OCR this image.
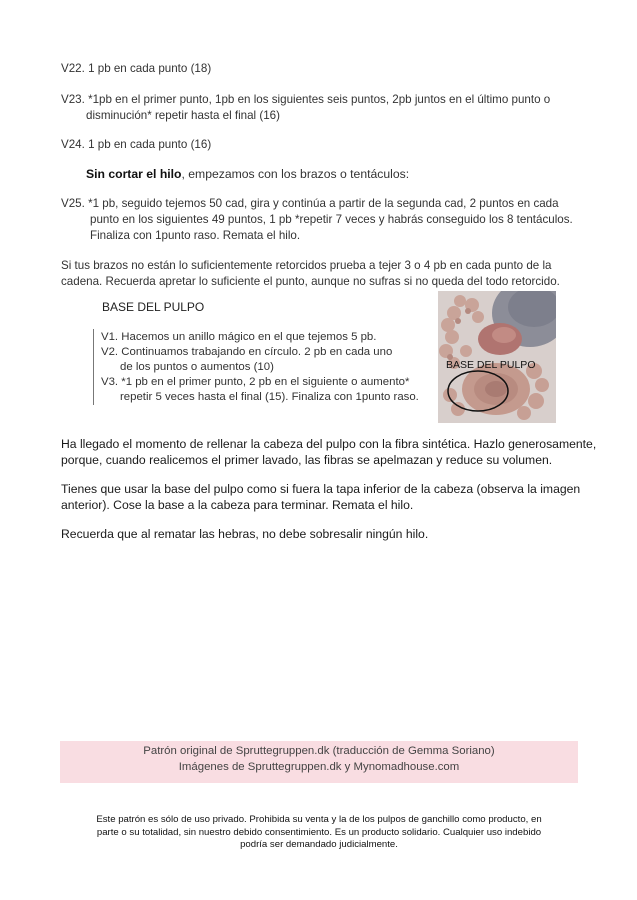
V22. 1 pb en cada punto (18)
V23. *1pb en el primer punto, 1pb en los siguientes seis puntos, 2pb juntos en el último punto o
disminución* repetir hasta el final (16)
V24. 1 pb en cada punto (16)
Sin cortar el hilo, empezamos con los brazos o tentáculos:
V25. *1 pb, seguido tejemos 50 cad, gira y continúa a partir de la segunda cad, 2 puntos en cada
punto en los siguientes 49 puntos, 1 pb *repetir 7 veces y habrás conseguido los 8 tentáculos.
Finaliza con 1punto raso. Remata el hilo.
Si tus brazos no están lo suficientemente retorcidos prueba a tejer 3 o 4 pb en cada punto de la
cadena. Recuerda apretar lo suficiente el punto, aunque no sufras si no queda del todo retorcido.
BASE DEL PULPO
V1. Hacemos un anillo mágico en el que tejemos 5 pb.
V2. Continuamos trabajando en círculo. 2 pb en cada uno
de los puntos o aumentos (10)
V3. *1 pb en el primer punto, 2 pb en el siguiente o aumento*
repetir 5 veces hasta el final (15). Finaliza con 1punto raso.
BASE DEL PULPO
Ha llegado el momento de rellenar la cabeza del pulpo con la fibra sintética. Hazlo generosamente,
porque, cuando realicemos el primer lavado, las fibras se apelmazan y reduce su volumen.
Tienes que usar la base del pulpo como si fuera la tapa inferior de la cabeza (observa la imagen
anterior). Cose la base a la cabeza para terminar. Remata el hilo.
Recuerda que al rematar las hebras, no debe sobresalir ningún hilo.
Patrón original de Spruttegruppen.dk (traducción de Gemma Soriano)
Imágenes de Spruttegruppen.dk y Mynomadhouse.com
Este patrón es sólo de uso privado. Prohibida su venta y la de los pulpos de ganchillo como producto, en
parte o su totalidad, sin nuestro debido consentimiento. Es un producto solidario. Cualquier uso indebido
podría ser demandado judicialmente.
